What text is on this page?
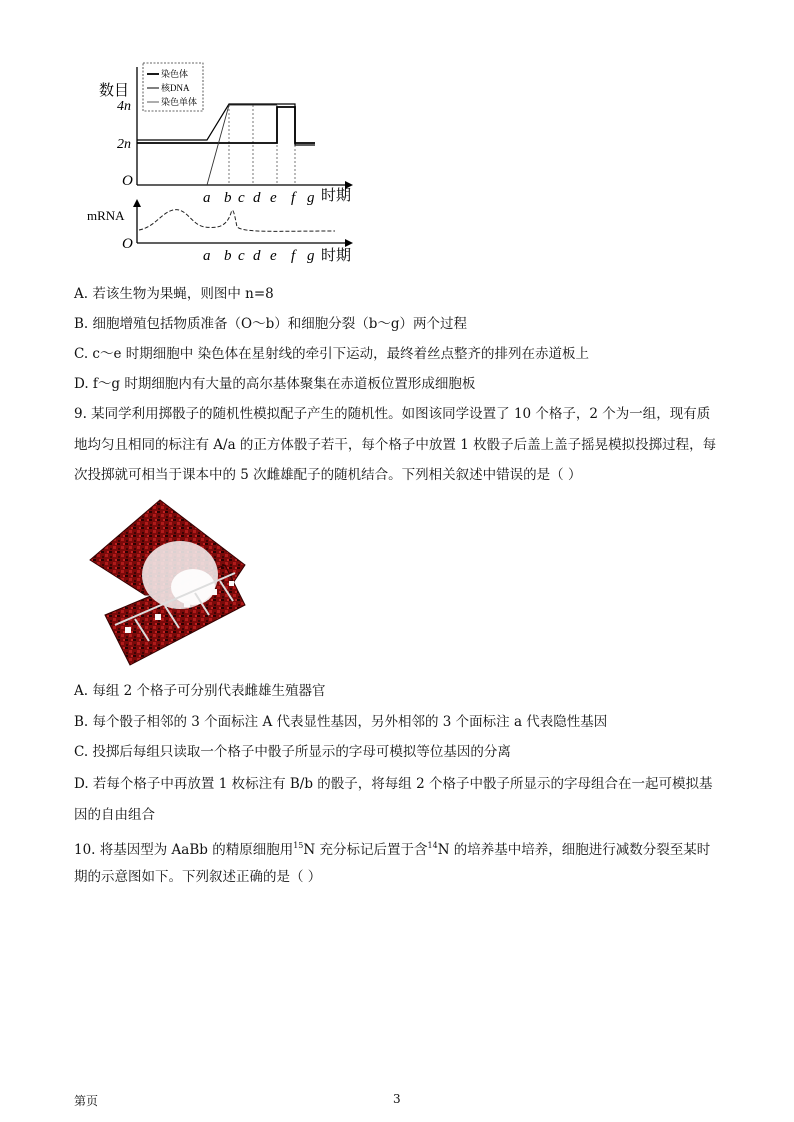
数目
4n
2n
O
染色体
核DNA
染色单体
a b c d e f g 时期
mRNA
O
a b c d e f g 时期
A. 若该生物为果蝇，则图中 n=8
B. 细胞增殖包括物质准备（O～b）和细胞分裂（b～g）两个过程
C. c～e 时期细胞中 染色体在星射线的牵引下运动，最终着丝点整齐的排列在赤道板上
D. f～g 时期细胞内有大量的高尔基体聚集在赤道板位置形成细胞板
9. 某同学利用掷骰子的随机性模拟配子产生的随机性。如图该同学设置了 10 个格子，2 个为一组，现有质
地均匀且相同的标注有 A/a 的正方体骰子若干，每个格子中放置 1 枚骰子后盖上盖子摇晃模拟投掷过程，每
次投掷就可相当于课本中的 5 次雌雄配子的随机结合。下列相关叙述中错误的是（ ）
A. 每组 2 个格子可分别代表雌雄生殖器官
B. 每个骰子相邻的 3 个面标注 A 代表显性基因，另外相邻的 3 个面标注 a 代表隐性基因
C. 投掷后每组只读取一个格子中骰子所显示的字母可模拟等位基因的分离
D. 若每个格子中再放置 1 枚标注有 B/b 的骰子，将每组 2 个格子中骰子所显示的字母组合在一起可模拟基
因的自由组合
10. 将基因型为 AaBb 的精原细胞用$^{15}$N 充分标记后置于含$^{14}$N 的培养基中培养，细胞进行减数分裂至某时
期的示意图如下。下列叙述正确的是（ ）
第页	3
